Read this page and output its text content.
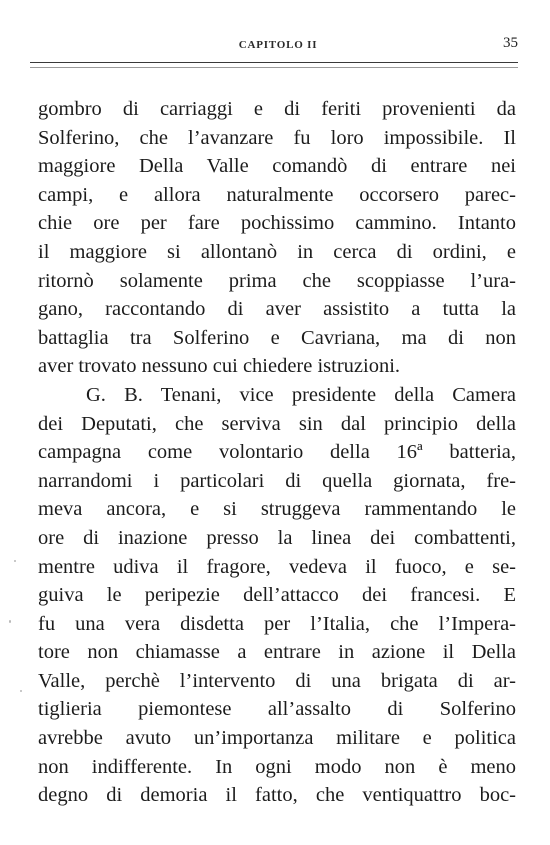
CAPITOLO II	35
gombro di carriaggi e di feriti provenienti da
Solferino, che l’avanzare fu loro impossibile. Il
maggiore Della Valle comandò di entrare nei
campi, e allora naturalmente occorsero parec-
chie ore per fare pochissimo cammino. Intanto
il maggiore si allontanò in cerca di ordini, e
ritornò solamente prima che scoppiasse l’ura-
gano, raccontando di aver assistito a tutta la
battaglia tra Solferino e Cavriana, ma di non
aver trovato nessuno cui chiedere istruzioni.
G. B. Tenani, vice presidente della Camera
dei Deputati, che serviva sin dal principio della
campagna come volontario della 16ª batteria,
narrandomi i particolari di quella giornata, fre-
meva ancora, e si struggeva rammentando le
ore di inazione presso la linea dei combattenti,
mentre udiva il fragore, vedeva il fuoco, e se-
guiva le peripezie dell’attacco dei francesi. E
fu una vera disdetta per l’Italia, che l’Impera-
tore non chiamasse a entrare in azione il Della
Valle, perchè l’intervento di una brigata di ar-
tiglieria piemontese all’assalto di Solferino
avrebbe avuto un’importanza militare e politica
non indifferente. In ogni modo non è meno
degno di demoria il fatto, che ventiquattro boc-
